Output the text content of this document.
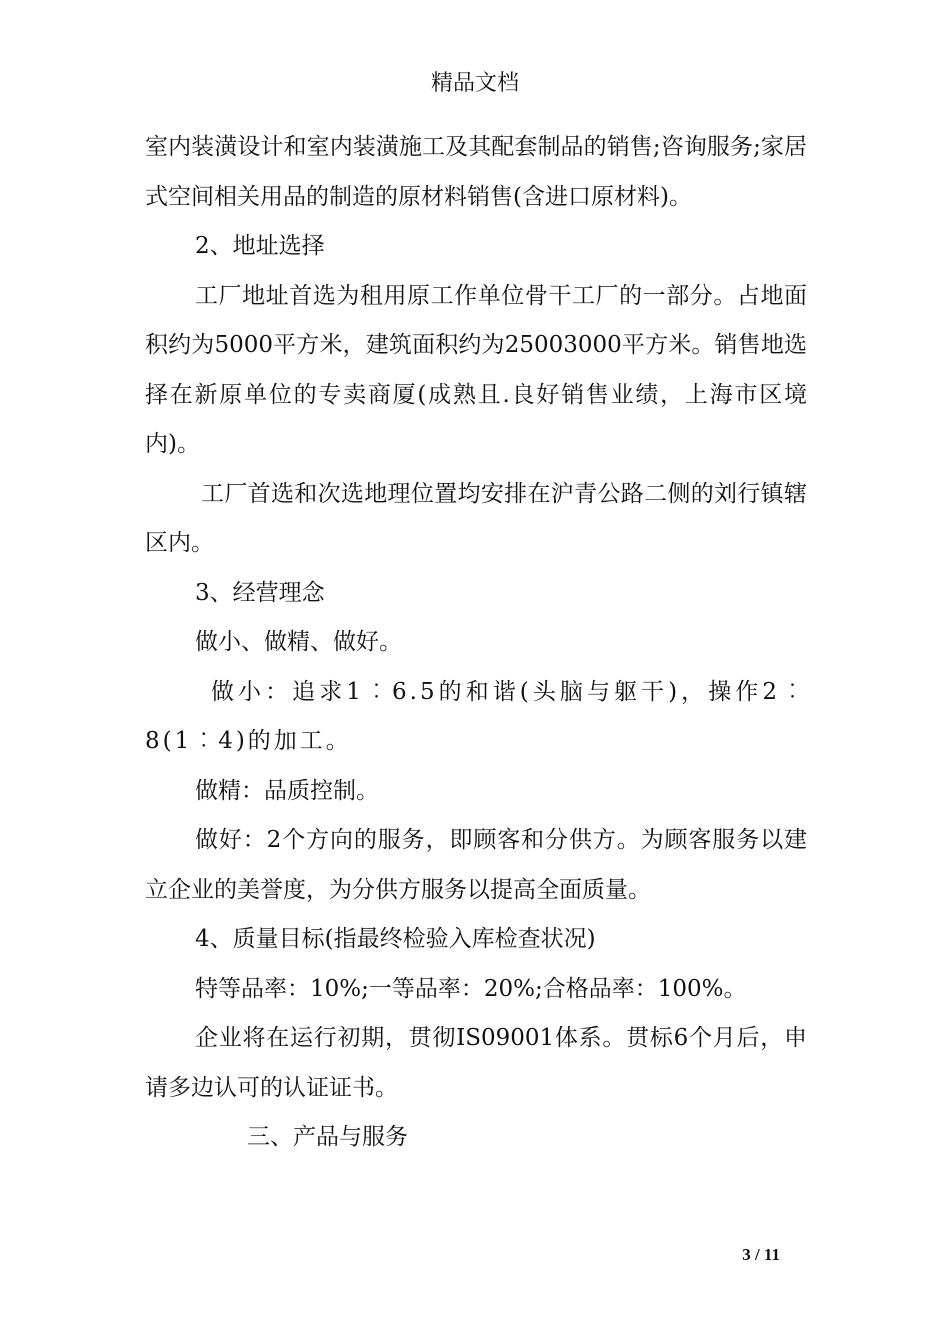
精品文档

室内装潢设计和室内装潢施工及其配套制品的销售;咨询服务;家居式空间相关用品的制造的原材料销售(含进口原材料)。

2、地址选择

工厂地址首选为租用原工作单位骨干工厂的一部分。占地面积约为5000平方米，建筑面积约为25003000平方米。销售地选择在新原单位的专卖商厦(成熟且.良好销售业绩，上海市区境内)。

工厂首选和次选地理位置均安排在沪青公路二侧的刘行镇辖区内。

3、经营理念

做小、做精、做好。

做小：追求1︰6.5的和谐(头脑与躯干)，操作2︰8(1︰4)的加工。

做精：品质控制。

做好：2个方向的服务，即顾客和分供方。为顾客服务以建立企业的美誉度，为分供方服务以提高全面质量。

4、质量目标(指最终检验入库检查状况)

特等品率：10%;一等品率：20%;合格品率：100%。

企业将在运行初期，贯彻IS09001体系。贯标6个月后，申请多边认可的认证证书。

三、产品与服务

3 / 11
